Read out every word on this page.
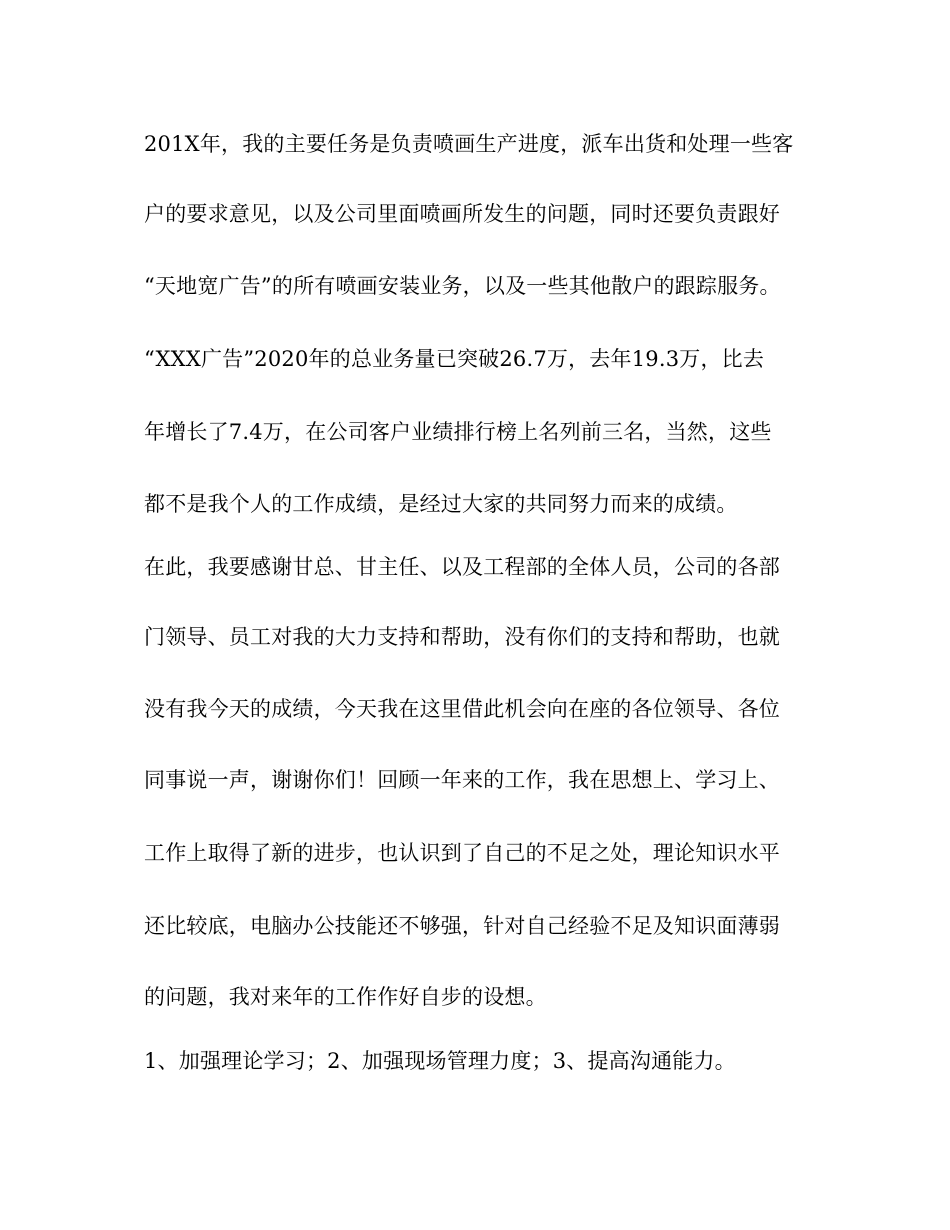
201X年，我的主要任务是负责喷画生产进度，派车出货和处理一些客
户的要求意见，以及公司里面喷画所发生的问题，同时还要负责跟好
“天地宽广告”的所有喷画安装业务，以及一些其他散户的跟踪服务。
“XXX广告”2020年的总业务量已突破26.7万，去年19.3万，比去
年增长了7.4万，在公司客户业绩排行榜上名列前三名，当然，这些
都不是我个人的工作成绩，是经过大家的共同努力而来的成绩。
在此，我要感谢甘总、甘主任、以及工程部的全体人员，公司的各部
门领导、员工对我的大力支持和帮助，没有你们的支持和帮助，也就
没有我今天的成绩，今天我在这里借此机会向在座的各位领导、各位
同事说一声，谢谢你们！回顾一年来的工作，我在思想上、学习上、
工作上取得了新的进步，也认识到了自己的不足之处，理论知识水平
还比较底，电脑办公技能还不够强，针对自己经验不足及知识面薄弱
的问题，我对来年的工作作好自步的设想。
1、加强理论学习；2、加强现场管理力度；3、提高沟通能力。
